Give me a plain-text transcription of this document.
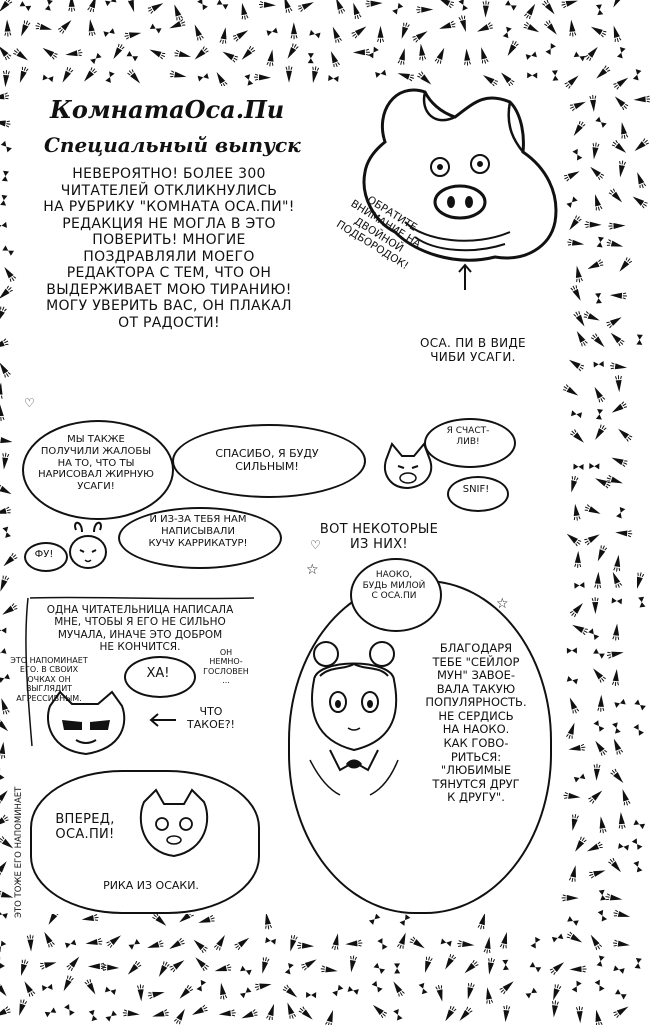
КомнатаОса.Пи
Специальный выпуск
НЕВЕРОЯТНО! БОЛЕЕ 300
ЧИТАТЕЛЕЙ ОТКЛИКНУЛИСЬ
НА РУБРИКУ "КОМНАТА ОСА.ПИ"!
РЕДАКЦИЯ НЕ МОГЛА В ЭТО
ПОВЕРИТЬ! МНОГИЕ
ПОЗДРАВЛЯЛИ МОЕГО
РЕДАКТОРА С ТЕМ, ЧТО ОН
ВЫДЕРЖИВАЕТ МОЮ ТИРАНИЮ!
МОГУ УВЕРИТЬ ВАС, ОН ПЛАКАЛ
ОТ РАДОСТИ!
ОБРАТИТЕ
ВНИМАНИЕ НА
ДВОЙНОЙ
ПОДБОРОДОК!
ОСА. ПИ В ВИДЕ
ЧИБИ УСАГИ.
♡
МЫ ТАКЖЕ
ПОЛУЧИЛИ ЖАЛОБЫ
НА ТО, ЧТО ТЫ
НАРИСОВАЛ ЖИРНУЮ
УСАГИ!
СПАСИБО, Я БУДУ
СИЛЬНЫМ!
Я СЧАСТ-
ЛИВ!
SNIF!
И ИЗ-ЗА ТЕБЯ НАМ
НАПИСЫВАЛИ
КУЧУ КАРРИКАТУР!
ФУ!
ВОТ НЕКОТОРЫЕ
ИЗ НИХ!
♡
☆
ОДНА ЧИТАТЕЛЬНИЦА НАПИСАЛА
МНЕ, ЧТОБЫ Я ЕГО НЕ СИЛЬНО
МУЧАЛА, ИНАЧЕ ЭТО ДОБРОМ
НЕ КОНЧИТСЯ.
ЭТО НАПОМИНАЕТ
ЕГО. В СВОИХ
ОЧКАХ ОН
ВЫГЛЯДИТ
АГРЕССИВНЫМ.
ХА!
ОН
НЕМНО-
ГОСЛОВЕН
...
ЧТО
ТАКОЕ?!
ВПЕРЕД,
ОСА.ПИ!
РИКА ИЗ ОСАКИ.
ЭТО ТОЖЕ ЕГО НАПОМИНАЕТ
НАОКО,
БУДЬ МИЛОЙ
С ОСА.ПИ	☆
БЛАГОДАРЯ
ТЕБЕ "СЕЙЛОР
МУН" ЗАВОЕ-
ВАЛА ТАКУЮ
ПОПУЛЯРНОСТЬ.
НЕ СЕРДИСЬ
НА НАОКО.
КАК ГОВО-
РИТЬСЯ:
"ЛЮБИМЫЕ
ТЯНУТСЯ ДРУГ
К ДРУГУ".
